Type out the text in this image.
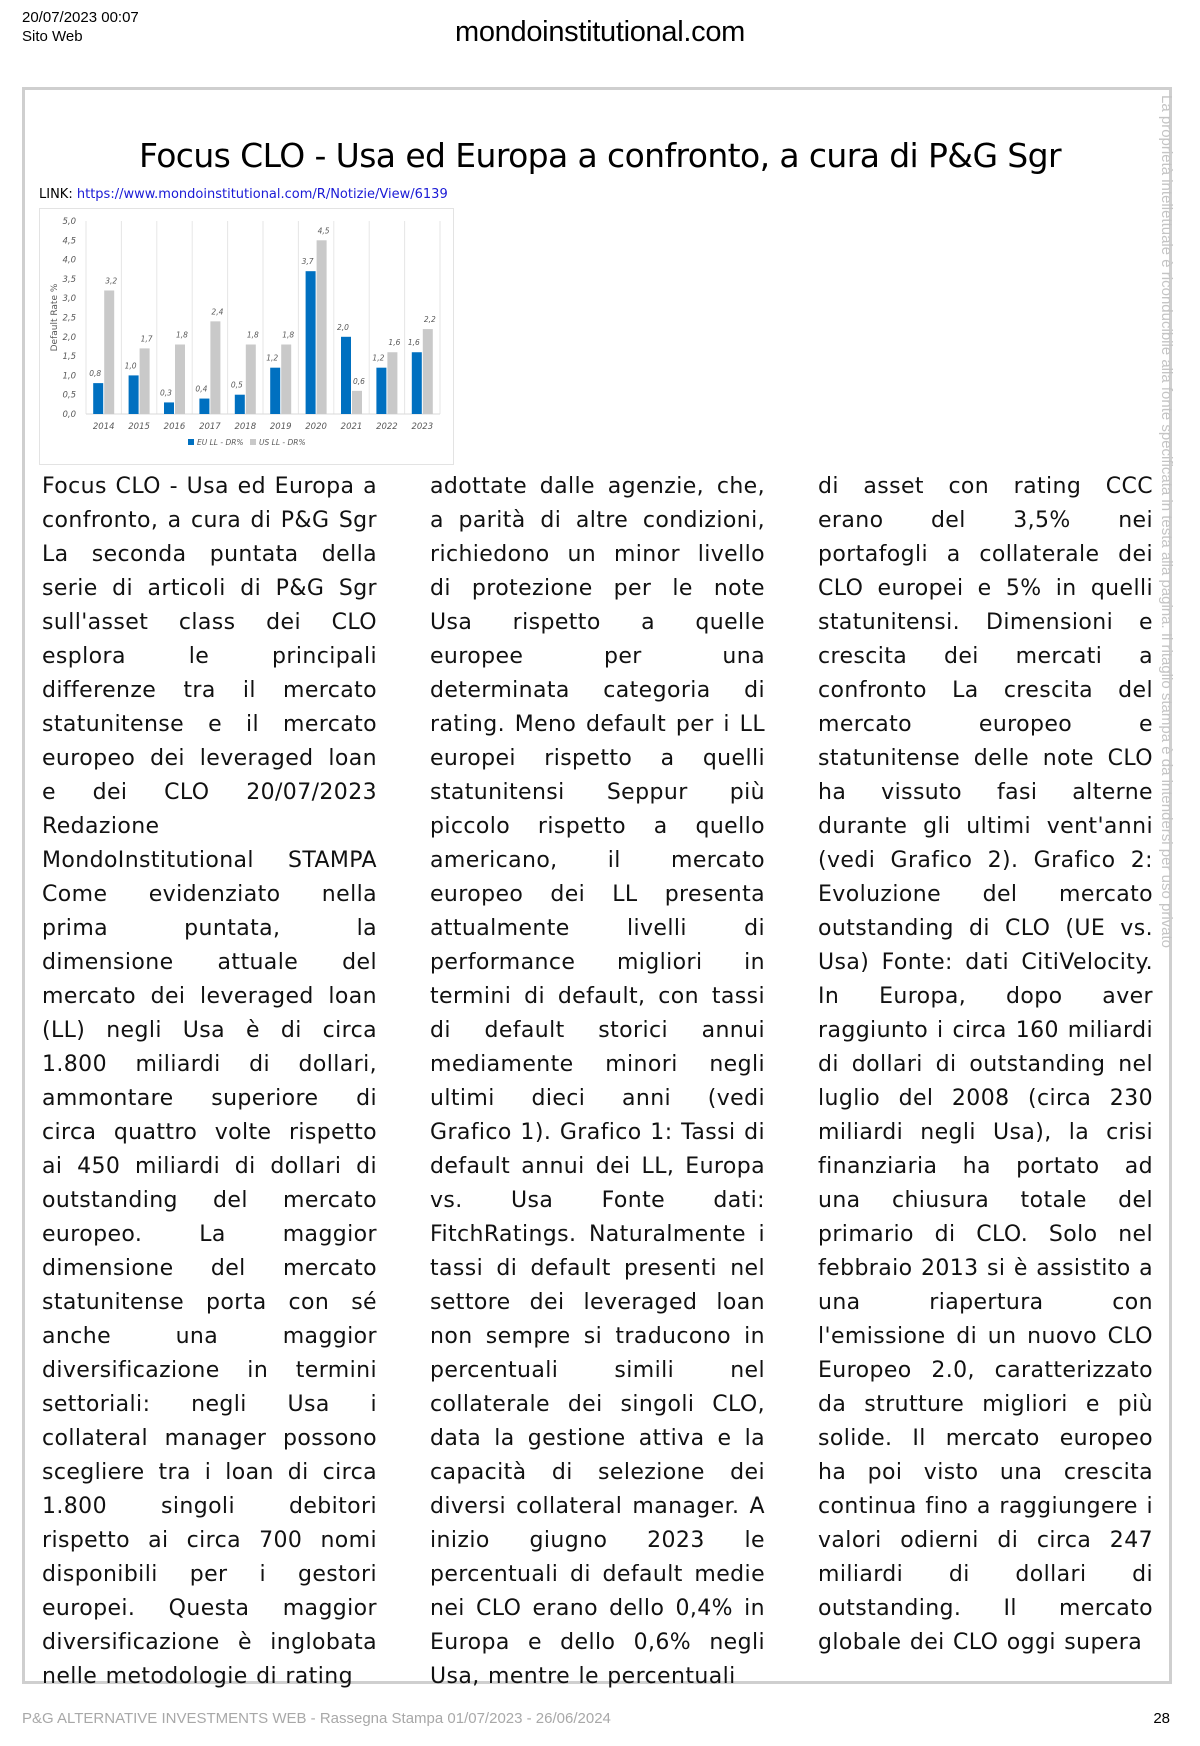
20/07/2023 00:07
Sito Web	mondoinstitutional.com
Focus CLO - Usa ed Europa a confronto, a cura di P&G Sgr
LINK: https://www.mondoinstitutional.com/R/Notizie/View/6139
0,0
0,5
1,0
1,5
2,0
2,5
3,0
3,5
4,0
4,5
5,0
Default Rate %
0,8
3,2
2014
1,0
1,7
2015
0,3
1,8
2016
0,4
2,4
2017
0,5
1,8
2018
1,2
1,8
2019
3,7
4,5
2020
2,0
0,6
2021
1,2
1,6
2022
1,6
2,2
2023
EU LL - DR% US LL - DR%
Focus CLO - Usa ed Europa a confronto, a cura di P&G Sgr La seconda puntata della serie di articoli di P&G Sgr sull'asset class dei CLO esplora le principali differenze tra il mercato statunitense e il mercato europeo dei leveraged loan e dei CLO 20/07/2023 Redazione MondoInstitutional STAMPA Come evidenziato nella prima puntata, la dimensione attuale del mercato dei leveraged loan (LL) negli Usa è di circa 1.800 miliardi di dollari, ammontare superiore di circa quattro volte rispetto ai 450 miliardi di dollari di outstanding del mercato europeo. La maggior dimensione del mercato statunitense porta con sé anche una maggior diversificazione in termini settoriali: negli Usa i collateral manager possono scegliere tra i loan di circa 1.800 singoli debitori rispetto ai circa 700 nomi disponibili per i gestori europei. Questa maggior diversificazione è inglobata nelle metodologie di rating
adottate dalle agenzie, che, a parità di altre condizioni, richiedono un minor livello di protezione per le note Usa rispetto a quelle europee per una determinata categoria di rating. Meno default per i LL europei rispetto a quelli statunitensi Seppur più piccolo rispetto a quello americano, il mercato europeo dei LL presenta attualmente livelli di performance migliori in termini di default, con tassi di default storici annui mediamente minori negli ultimi dieci anni (vedi Grafico 1). Grafico 1: Tassi di default annui dei LL, Europa vs. Usa Fonte dati: FitchRatings. Naturalmente i tassi di default presenti nel settore dei leveraged loan non sempre si traducono in percentuali simili nel collaterale dei singoli CLO, data la gestione attiva e la capacità di selezione dei diversi collateral manager. A inizio giugno 2023 le percentuali di default medie nei CLO erano dello 0,4% in Europa e dello 0,6% negli Usa, mentre le percentuali
di asset con rating CCC erano del 3,5% nei portafogli a collaterale dei CLO europei e 5% in quelli statunitensi. Dimensioni e crescita dei mercati a confronto La crescita del mercato europeo e statunitense delle note CLO ha vissuto fasi alterne durante gli ultimi vent'anni (vedi Grafico 2). Grafico 2: Evoluzione del mercato outstanding di CLO (UE vs. Usa) Fonte: dati CitiVelocity. In Europa, dopo aver raggiunto i circa 160 miliardi di dollari di outstanding nel luglio del 2008 (circa 230 miliardi negli Usa), la crisi finanziaria ha portato ad una chiusura totale del primario di CLO. Solo nel febbraio 2013 si è assistito a una riapertura con l'emissione di un nuovo CLO Europeo 2.0, caratterizzato da strutture migliori e più solide. Il mercato europeo ha poi visto una crescita continua fino a raggiungere i valori odierni di circa 247 miliardi di dollari di outstanding. Il mercato globale dei CLO oggi supera
La proprietà intellettuale è riconducibile alla fonte specificata in testa alla pagina. Il ritaglio stampa è da intendersi per uso privato
P&G ALTERNATIVE INVESTMENTS WEB - Rassegna Stampa 01/07/2023 - 26/06/2024	28
